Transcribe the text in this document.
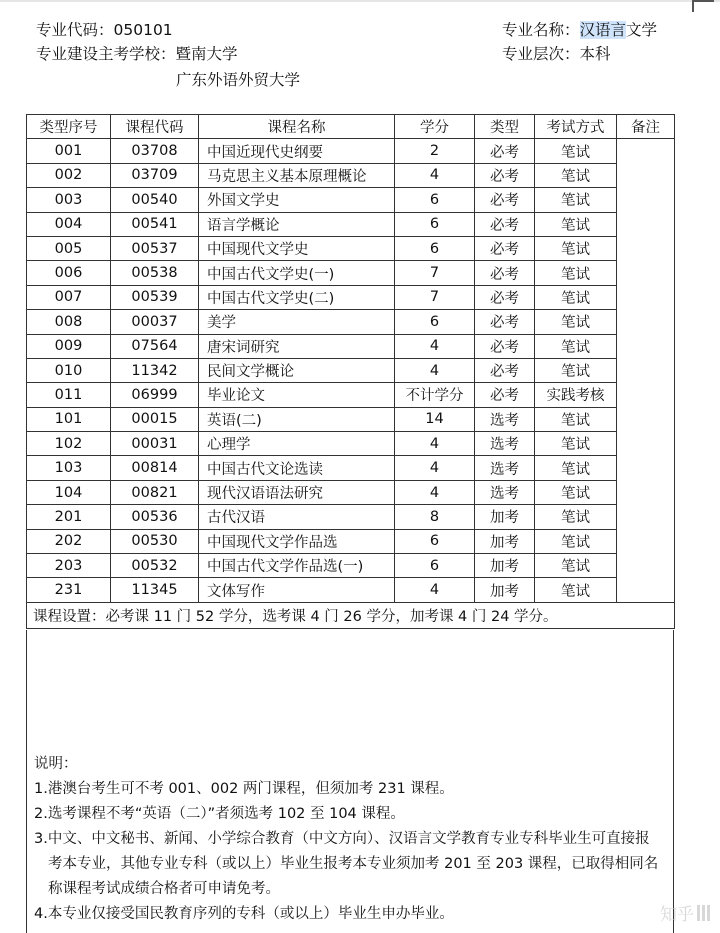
专业代码：050101	专业名称：汉语言文学
专业建设主考学校：暨南大学	专业层次：本科
广东外语外贸大学
类型序号	课程代码	课程名称	学分	类型	考试方式	备注
001	03708	中国近现代史纲要	2	必考	笔试	
002	03709	马克思主义基本原理概论	4	必考	笔试	
003	00540	外国文学史	6	必考	笔试	
004	00541	语言学概论	6	必考	笔试	
005	00537	中国现代文学史	6	必考	笔试	
006	00538	中国古代文学史(一)	7	必考	笔试	
007	00539	中国古代文学史(二)	7	必考	笔试	
008	00037	美学	6	必考	笔试	
009	07564	唐宋词研究	4	必考	笔试	
010	11342	民间文学概论	4	必考	笔试	
011	06999	毕业论文	不计学分	必考	实践考核	
101	00015	英语(二)	14	选考	笔试	
102	00031	心理学	4	选考	笔试	
103	00814	中国古代文论选读	4	选考	笔试	
104	00821	现代汉语语法研究	4	选考	笔试	
201	00536	古代汉语	8	加考	笔试	
202	00530	中国现代文学作品选	6	加考	笔试	
203	00532	中国古代文学作品选(一)	6	加考	笔试	
231	11345	文体写作	4	加考	笔试	
课程设置：必考课 11 门 52 学分，选考课 4 门 26 学分，加考课 4 门 24 学分。						
说明：
1.港澳台考生可不考 001、002 两门课程，但须加考 231 课程。
2.选考课程不考“英语（二）”者须选考 102 至 104 课程。
3.中文、中文秘书、新闻、小学综合教育（中文方向）、汉语言文学教育专业专科毕业生可直接报
考本专业，其他专业专科（或以上）毕业生报考本专业须加考 201 至 203 课程，已取得相同名
称课程考试成绩合格者可申请免考。
4.本专业仅接受国民教育序列的专科（或以上）毕业生申办毕业。	知乎
